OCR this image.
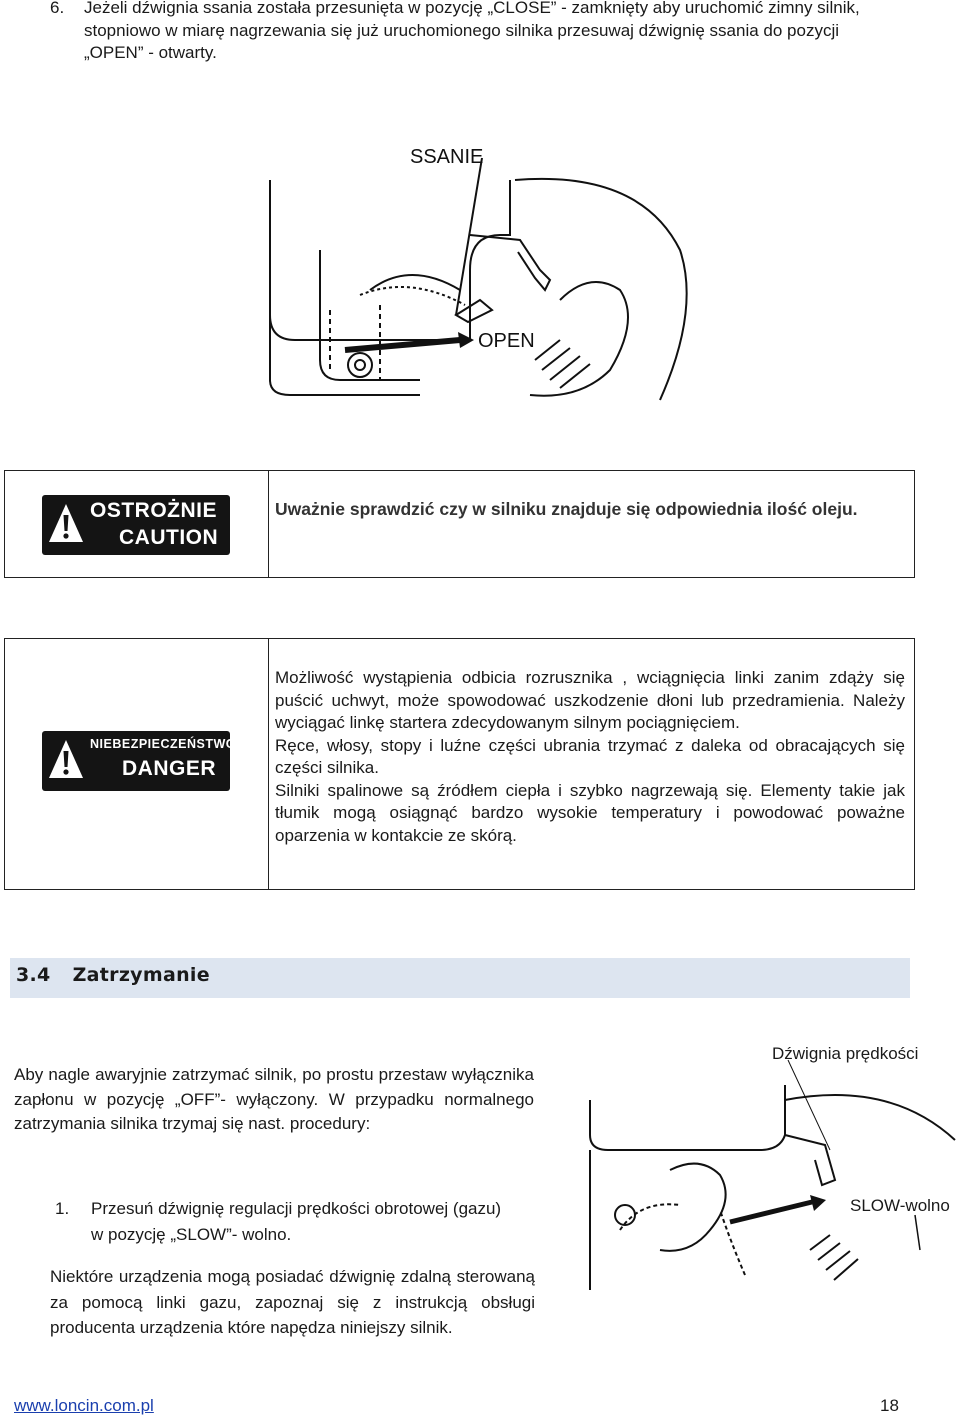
6. Jeżeli dźwignia ssania została przesunięta w pozycję „CLOSE” - zamknięty aby uruchomić zimny silnik, stopniowo w miarę nagrzewania się już uruchomionego silnika przesuwaj dźwignię ssania do pozycji „OPEN” - otwarty.
SSANIE
OPEN
OSTROŻNIE
CAUTION
Uważnie sprawdzić czy w silniku znajduje się odpowiednia ilość oleju.
NIEBEZPIECZEŃSTWO
DANGER
Możliwość wystąpienia odbicia rozrusznika , wciągnięcia linki zanim zdąży się puścić uchwyt, może spowodować uszkodzenie dłoni lub przedramienia. Należy wyciągać linkę startera zdecydowanym silnym pociągnięciem.
Ręce, włosy, stopy i luźne części ubrania trzymać z daleka od obracających się części silnika.
Silniki spalinowe są źródłem ciepła i szybko nagrzewają się. Elementy takie jak tłumik mogą osiągnąć bardzo wysokie temperatury i powodować poważne oparzenia w kontakcie ze skórą.
3.4 Zatrzymanie
Aby nagle awaryjnie zatrzymać silnik, po prostu przestaw wyłącznika zapłonu w pozycję „OFF”- wyłączony. W przypadku normalnego zatrzymania silnika trzymaj się nast. procedury:
1. Przesuń dźwignię regulacji prędkości obrotowej (gazu) w pozycję „SLOW”- wolno.
Niektóre urządzenia mogą posiadać dźwignię zdalną sterowaną za pomocą linki gazu, zapoznaj się z instrukcją obsługi producenta urządzenia które napędza niniejszy silnik.
Dźwignia prędkości
SLOW-wolno
www.loncin.com.pl	18
